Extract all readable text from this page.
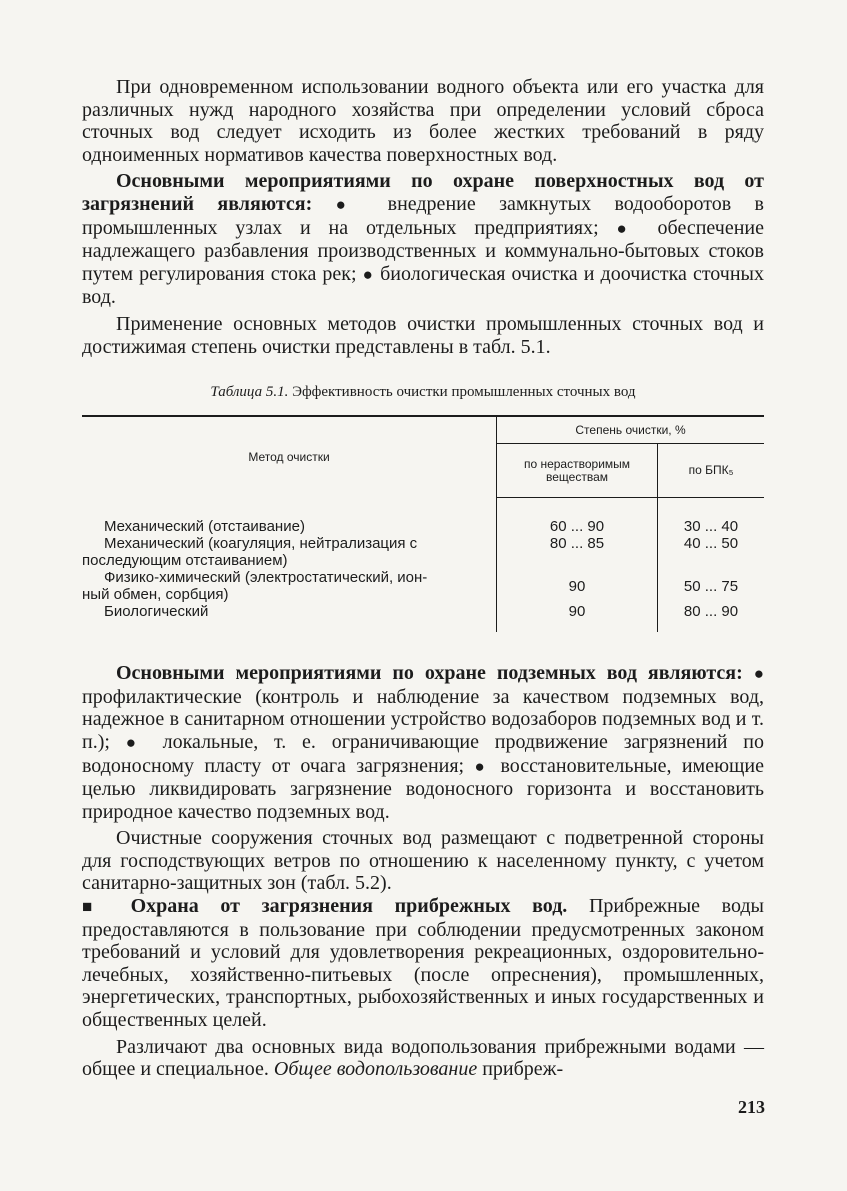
При одновременном использовании водного объекта или его участка для различных нужд народного хозяйства при определении условий сброса сточных вод следует исходить из более жестких требований в ряду одноименных нормативов качества поверхностных вод.

Основными мероприятиями по охране поверхностных вод от загрязнений являются: ● внедрение замкнутых водооборотов в промышленных узлах и на отдельных предприятиях; ● обеспечение надлежащего разбавления производственных и коммунально-бытовых стоков путем регулирования стока рек; ● биологическая очистка и доочистка сточных вод.

Применение основных методов очистки промышленных сточных вод и достижимая степень очистки представлены в табл. 5.1.

Таблица 5.1. Эффективность очистки промышленных сточных вод
Метод очистки	Степень очистки, %	
	по нерастворимым веществам	по БПК₅

Механический (отстаивание)	60 ... 90	30 ... 40

Механический (коагуляция, нейтрализация с
последующим отстаиванием)	80 ... 85	40 ... 50

Физико-химический (электростатический, ион-
ный обмен, сорбция)	90	50 ... 75

Биологический	90	80 ... 90

Основными мероприятиями по охране подземных вод являются: ● профилактические (контроль и наблюдение за качеством подземных вод, надежное в санитарном отношении устройство водозаборов подземных вод и т. п.); ● локальные, т. е. ограничивающие продвижение загрязнений по водоносному пласту от очага загрязнения; ● восстановительные, имеющие целью ликвидировать загрязнение водоносного горизонта и восстановить природное качество подземных вод.

Очистные сооружения сточных вод размещают с подветренной стороны для господствующих ветров по отношению к населенному пункту, с учетом санитарно-защитных зон (табл. 5.2).

■ Охрана от загрязнения прибрежных вод. Прибрежные воды предоставляются в пользование при соблюдении предусмотренных законом требований и условий для удовлетворения рекреационных, оздоровительно-лечебных, хозяйственно-питьевых (после опреснения), промышленных, энергетических, транспортных, рыбохозяйственных и иных государственных и общественных целей.

Различают два основных вида водопользования прибрежными водами — общее и специальное. Общее водопользование прибреж-

213
